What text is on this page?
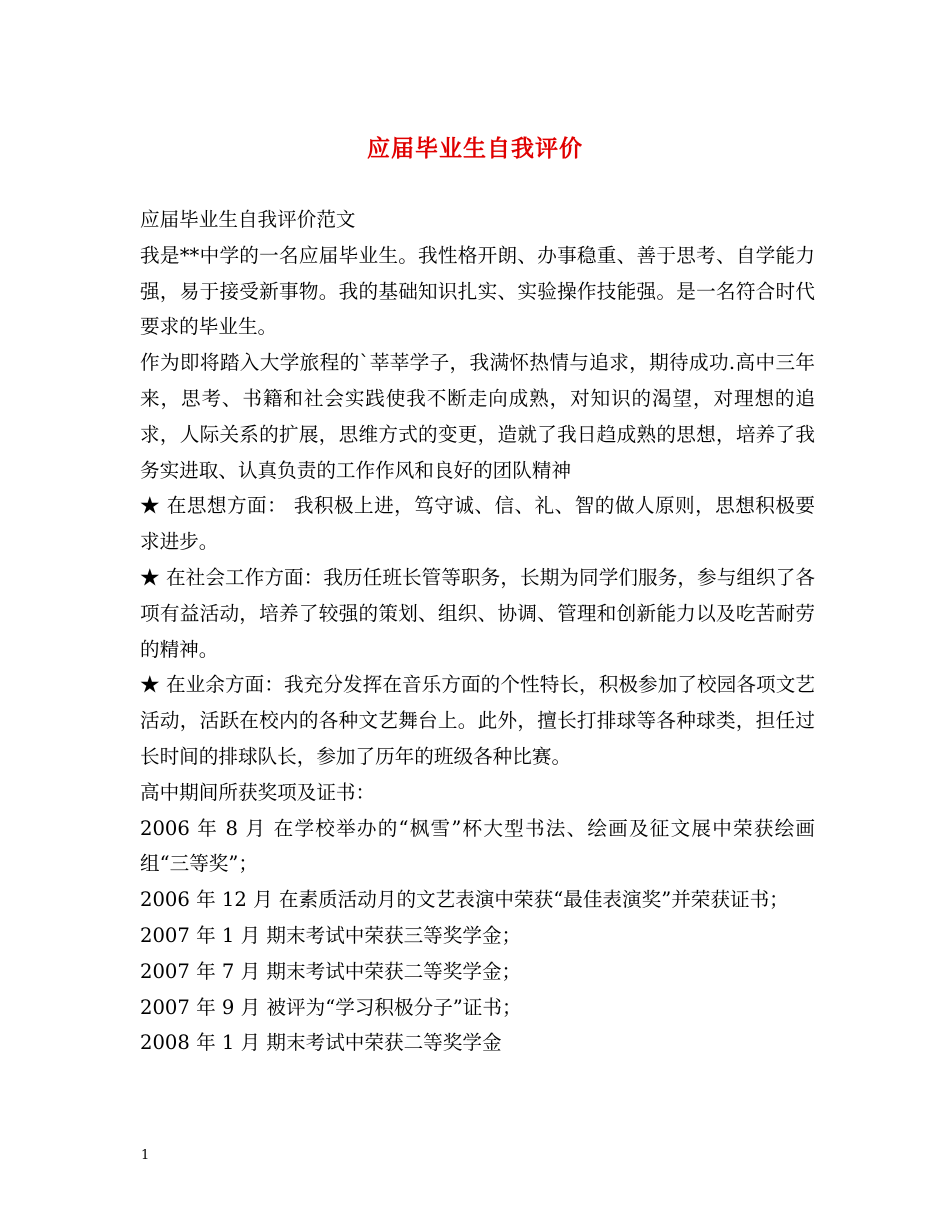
应届毕业生自我评价

应届毕业生自我评价范文

我是**中学的一名应届毕业生。我性格开朗、办事稳重、善于思考、自学能力强，易于接受新事物。我的基础知识扎实、实验操作技能强。是一名符合时代要求的毕业生。

作为即将踏入大学旅程的`莘莘学子，我满怀热情与追求，期待成功.高中三年来，思考、书籍和社会实践使我不断走向成熟，对知识的渴望，对理想的追求，人际关系的扩展，思维方式的变更，造就了我日趋成熟的思想，培养了我务实进取、认真负责的工作作风和良好的团队精神

★ 在思想方面： 我积极上进，笃守诚、信、礼、智的做人原则，思想积极要求进步。

★ 在社会工作方面：我历任班长管等职务，长期为同学们服务，参与组织了各项有益活动，培养了较强的策划、组织、协调、管理和创新能力以及吃苦耐劳的精神。

★ 在业余方面：我充分发挥在音乐方面的个性特长，积极参加了校园各项文艺活动，活跃在校内的各种文艺舞台上。此外，擅长打排球等各种球类，担任过长时间的排球队长，参加了历年的班级各种比赛。

高中期间所获奖项及证书：

2006 年 8 月 在学校举办的“枫雪”杯大型书法、绘画及征文展中荣获绘画组“三等奖”；

2006 年 12 月 在素质活动月的文艺表演中荣获“最佳表演奖”并荣获证书；

2007 年 1 月 期末考试中荣获三等奖学金；

2007 年 7 月 期末考试中荣获二等奖学金；

2007 年 9 月 被评为“学习积极分子”证书；

2008 年 1 月 期末考试中荣获二等奖学金

1
